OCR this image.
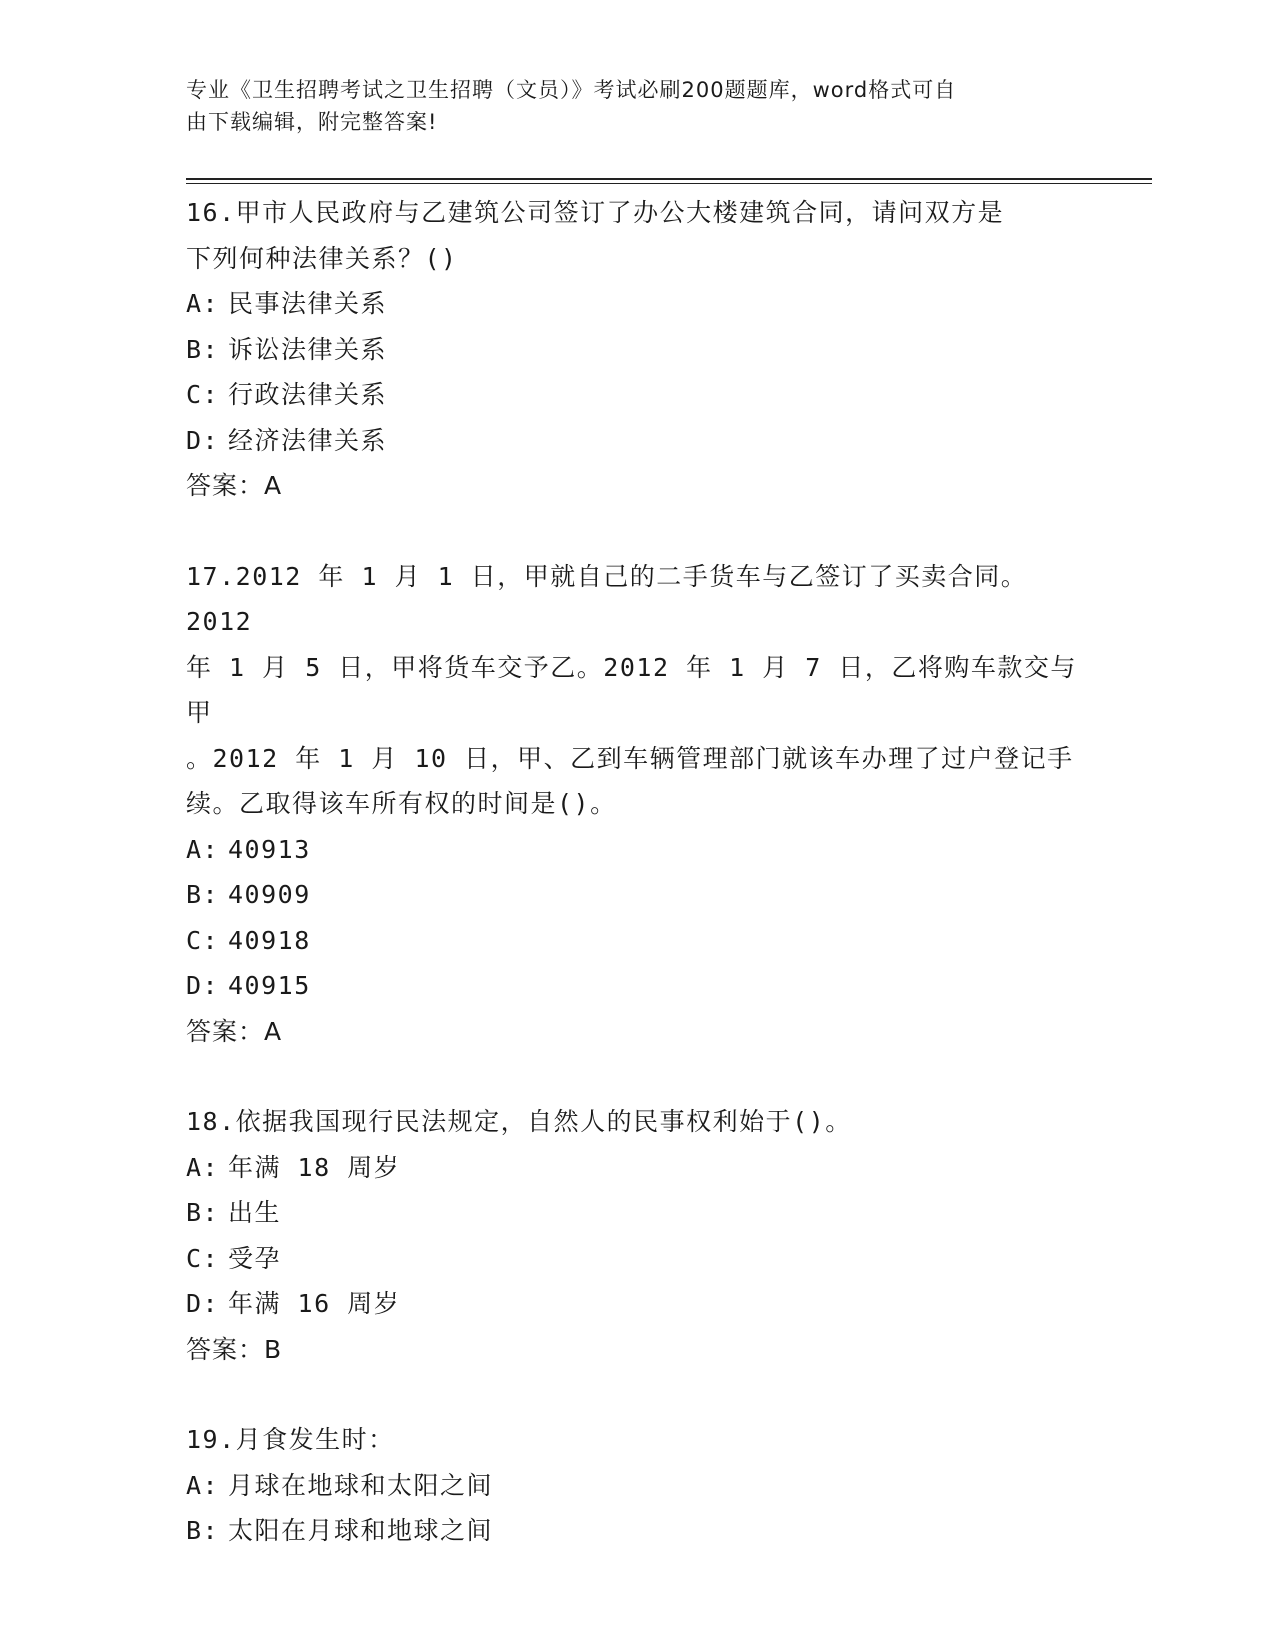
专业《卫生招聘考试之卫生招聘（文员）》考试必刷200题题库，word格式可自
由下载编辑，附完整答案!

16.甲市人民政府与乙建筑公司签订了办公大楼建筑合同，请问双方是

下列何种法律关系？()

A: 民事法律关系

B: 诉讼法律关系

C: 行政法律关系

D: 经济法律关系

答案：A

17.2012 年 1 月 1 日，甲就自己的二手货车与乙签订了买卖合同。2012

年 1 月 5 日，甲将货车交予乙。2012 年 1 月 7 日，乙将购车款交与甲

。2012 年 1 月 10 日，甲、乙到车辆管理部门就该车办理了过户登记手

续。乙取得该车所有权的时间是()。

A: 40913

B: 40909

C: 40918

D: 40915

答案：A

18.依据我国现行民法规定，自然人的民事权利始于()。

A: 年满 18 周岁

B: 出生

C: 受孕

D: 年满 16 周岁

答案：B

19.月食发生时：

A: 月球在地球和太阳之间

B: 太阳在月球和地球之间
